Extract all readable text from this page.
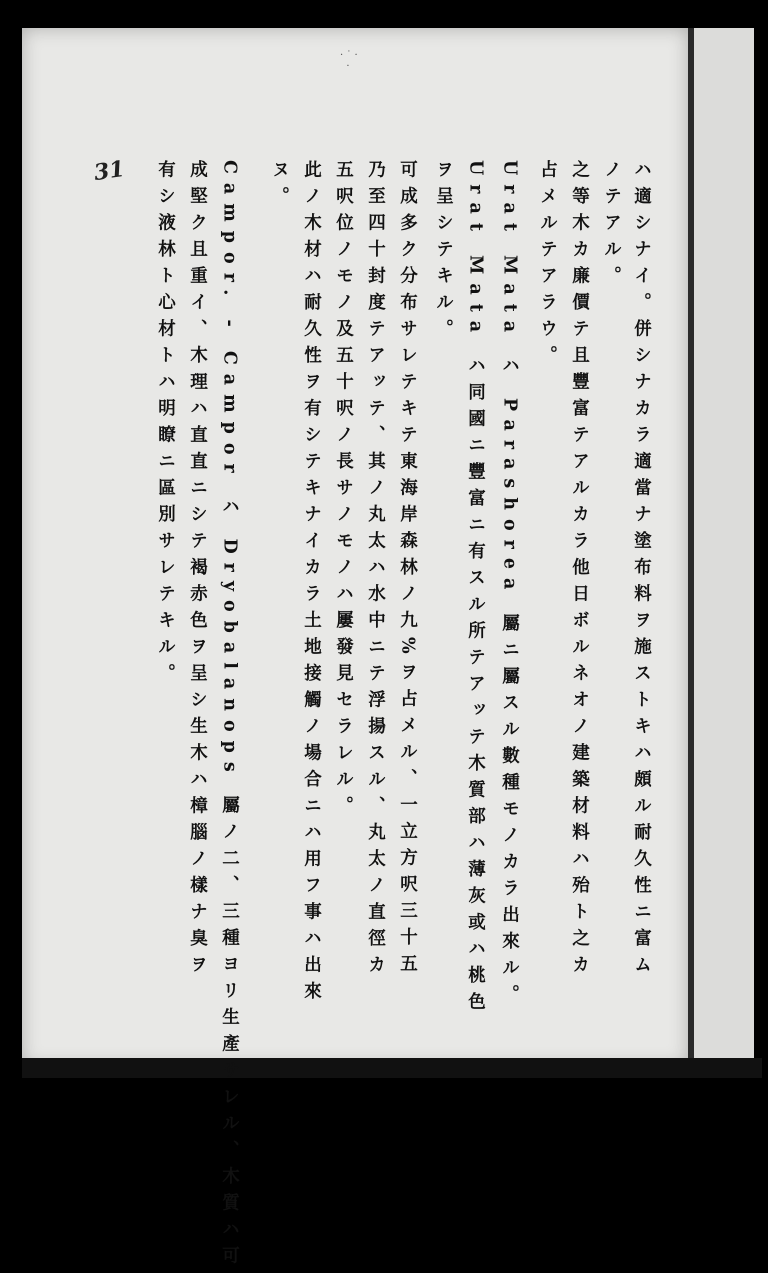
· ˙ ·
·
31	ハ適シナイ。併シナカラ適當ナ塗布料ヲ施ストキハ頗ル耐久性ニ富ム
ノテアル。
之等木カ廉價テ且豐富テアルカラ他日ボルネオノ建築材料ハ殆ト之カ
占メルテアラウ。
Urat Mata ハ Parashorea 屬ニ屬スル數種モノカラ出來ル。
Urat Mata ハ同國ニ豐富ニ有スル所テアッテ木質部ハ薄灰或ハ桃色
ヲ呈シテキル。
可成多ク分布サレテキテ東海岸森林ノ九%ヲ占メル、一立方呎三十五
乃至四十封度テアッテ、其ノ丸太ハ水中ニテ浮揚スル、丸太ノ直徑カ
五呎位ノモノ及五十呎ノ長サノモノハ屢發見セラレル。
此ノ木材ハ耐久性ヲ有シテキナイカラ土地接觸ノ場合ニハ用フ事ハ出來
ヌ。
Campor. - Campor ハ Dryobalanops 屬ノ二、三種ヨリ生產サレル、木質ハ可
成堅ク且重イ、木理ハ直直ニシテ褐赤色ヲ呈シ生木ハ樟腦ノ樣ナ臭ヲ
有シ液林ト心材トハ明瞭ニ區別サレテキル。
